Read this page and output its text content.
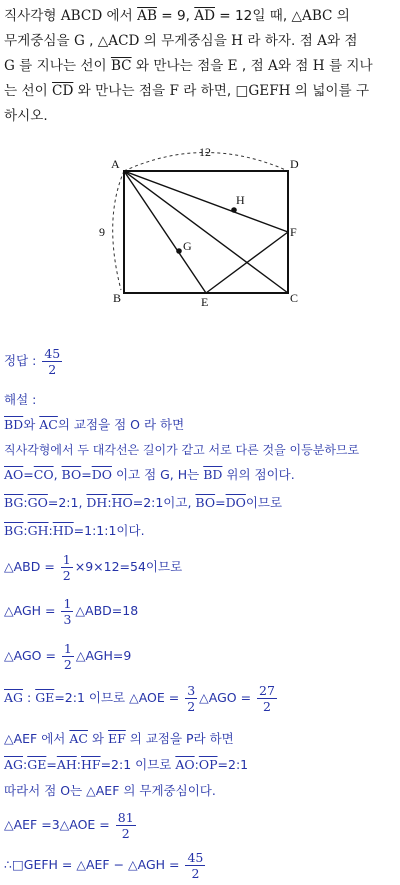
직사각형 ABCD 에서 $\overline{AB} = 9$, $\overline{AD} = 12$일 때, △ABC 의

무게중심을 G , △ACD 의 무게중심을 H 라 하자. 점 A와 점

G 를 지나는 선이 $\overline{BC}$ 와 만나는 점을 E , 점 A와 점 H 를 지나

는 선이 $\overline{CD}$ 와 만나는 점을 F 라 하면, □GEFH 의 넓이를 구

하시오.

A
B	C
D
E
F
G
H
12
9
정답 : $\frac{45}{2}$
해설 :
$\overline{BD}$와 $\overline{AC}$의 교점을 점 O 라 하면
직사각형에서 두 대각선은 길이가 같고 서로 다른 것을 이등분하므로
$\overline{AO}=\overline{CO}$, $\overline{BO}=\overline{DO}$ 이고 점 G, H는 $\overline{BD}$ 위의 점이다.
$\overline{BG}:\overline{GO}=2:1$, $\overline{DH}:\overline{HO}=2:1$이고, $\overline{BO}=\overline{DO}$이므로
$\overline{BG}:\overline{GH}:\overline{HD}=1:1:1$이다.
△ABD = $\frac{1}{2} \times 9\times 12=54$이므로
△AGH = $\frac{1}{3}$ △ABD=18
△AGO = $\frac{1}{2}$ △AGH=9
$\overline{AG}$ : $\overline{GE}=2:1$ 이므로 △AOE = $\frac{3}{2}$ △AGO = $\frac{27}{2}$
△AEF 에서 $\overline{AC}$ 와 $\overline{EF}$ 의 교점을 P라 하면
$\overline{AG}:\overline{GE}=\overline{AH}:\overline{HF}=2:1$ 이므로 $\overline{AO}:\overline{OP}=2:1$
따라서 점 O는 △AEF 의 무게중심이다.
△AEF =3△AOE = $\frac{81}{2}$
∴□GEFH = △AEF − △AGH = $\frac{45}{2}$
